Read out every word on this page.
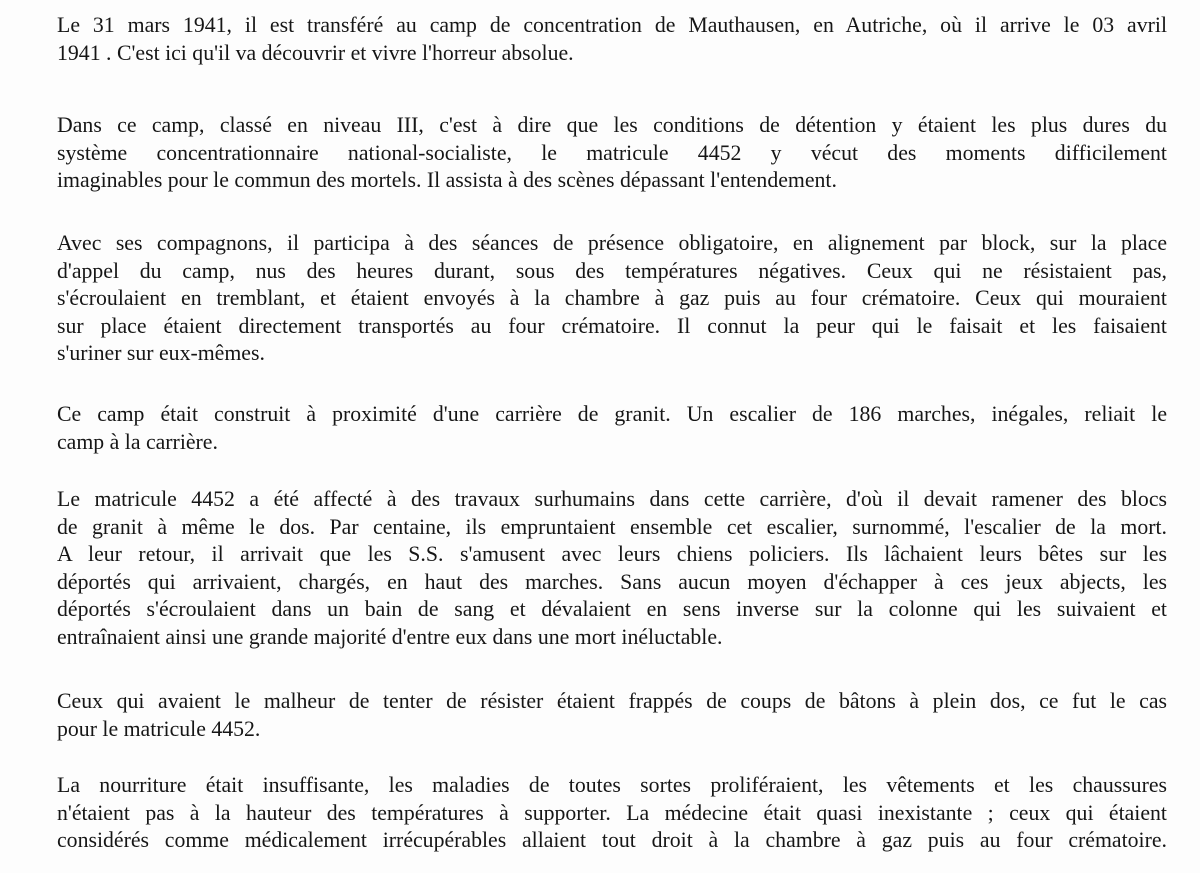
Le 31 mars 1941, il est transféré au camp de concentration de Mauthausen, en Autriche, où il arrive le 03 avril
1941 . C'est ici qu'il va découvrir et vivre l'horreur absolue.
Dans ce camp, classé en niveau III, c'est à dire que les conditions de détention y étaient les plus dures du
système concentrationnaire national-socialiste, le matricule 4452 y vécut des moments difficilement
imaginables pour le commun des mortels. Il assista à des scènes dépassant l'entendement.
Avec ses compagnons, il participa à des séances de présence obligatoire, en alignement par block, sur la place
d'appel du camp, nus des heures durant, sous des températures négatives. Ceux qui ne résistaient pas,
s'écroulaient en tremblant, et étaient envoyés à la chambre à gaz puis au four crématoire. Ceux qui mouraient
sur place étaient directement transportés au four crématoire. Il connut la peur qui le faisait et les faisaient
s'uriner sur eux-mêmes.
Ce camp était construit à proximité d'une carrière de granit. Un escalier de 186 marches, inégales, reliait le
camp à la carrière.
Le matricule 4452 a été affecté à des travaux surhumains dans cette carrière, d'où il devait ramener des blocs
de granit à même le dos. Par centaine, ils empruntaient ensemble cet escalier, surnommé, l'escalier de la mort.
A leur retour, il arrivait que les S.S. s'amusent avec leurs chiens policiers. Ils lâchaient leurs bêtes sur les
déportés qui arrivaient, chargés, en haut des marches. Sans aucun moyen d'échapper à ces jeux abjects, les
déportés s'écroulaient dans un bain de sang et dévalaient en sens inverse sur la colonne qui les suivaient et
entraînaient ainsi une grande majorité d'entre eux dans une mort inéluctable.
Ceux qui avaient le malheur de tenter de résister étaient frappés de coups de bâtons à plein dos, ce fut le cas
pour le matricule 4452.
La nourriture était insuffisante, les maladies de toutes sortes proliféraient, les vêtements et les chaussures
n'étaient pas à la hauteur des températures à supporter. La médecine était quasi inexistante ; ceux qui étaient
considérés comme médicalement irrécupérables allaient tout droit à la chambre à gaz puis au four crématoire.
